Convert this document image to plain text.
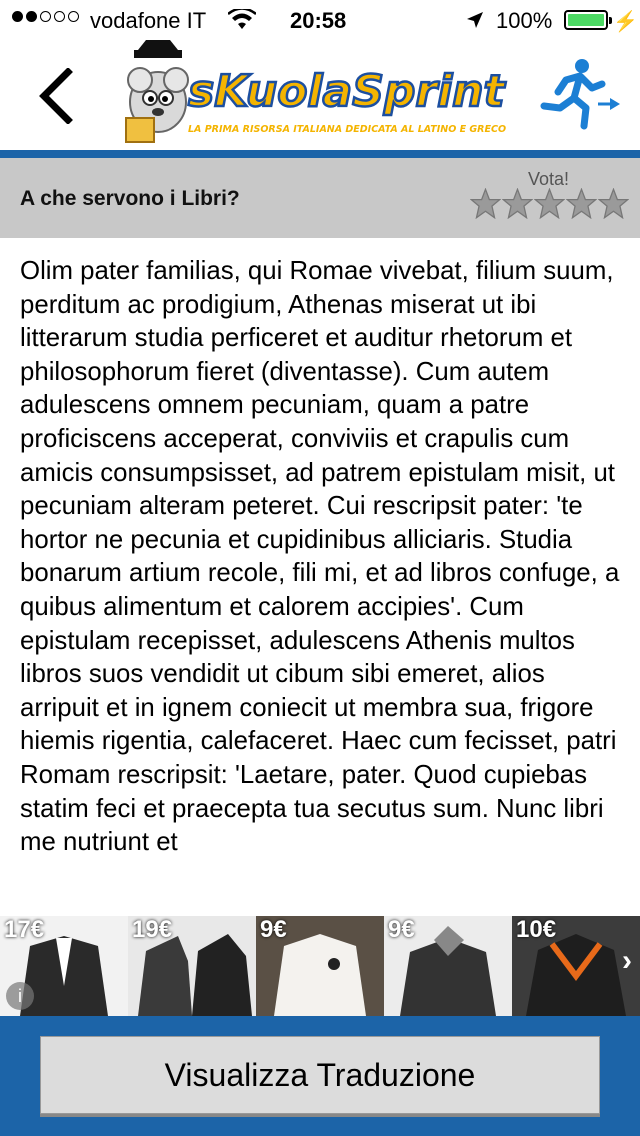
vodafone IT	20:58	100%	⚡
sKuolaSprint
LA PRIMA RISORSA ITALIANA DEDICATA AL LATINO E GRECO
A che servono i Libri?
Vota!
Olim pater familias, qui Romae vivebat, filium suum, perditum ac prodigium, Athenas miserat ut ibi litterarum studia perficeret et auditur rhetorum et philosophorum fieret (diventasse). Cum autem adulescens omnem pecuniam, quam a patre proficiscens acceperat, conviviis et crapulis cum amicis consumpsisset, ad patrem epistulam misit, ut pecuniam alteram peteret. Cui rescripsit pater: 'te hortor ne pecunia et cupidinibus alliciaris. Studia bonarum artium recole, fili mi, et ad libros confuge, a quibus alimentum et calorem accipies'. Cum epistulam recepisset, adulescens Athenis multos libros suos vendidit ut cibum sibi emeret, alios arripuit et in ignem coniecit ut membra sua, frigore hiemis rigentia, calefaceret. Haec cum fecisset, patri Romam rescripsit: 'Laetare, pater. Quod cupiebas statim feci et praecepta tua secutus sum. Nunc libri me nutriunt et
17€
i
19€	9€	9€	10€
›
Visualizza Traduzione
